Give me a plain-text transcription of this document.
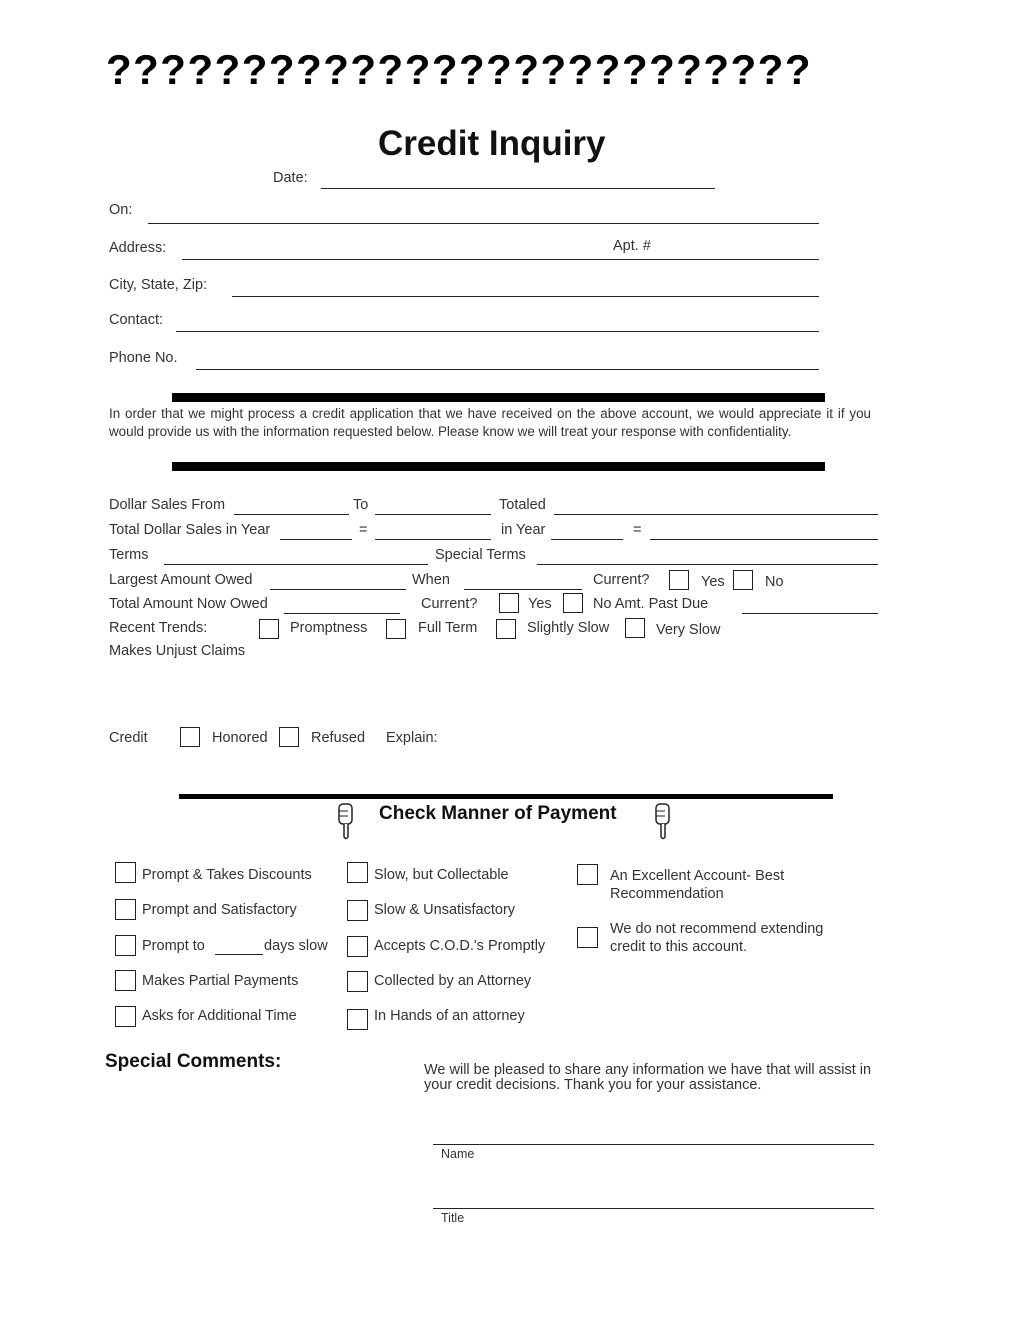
??????????????????????????
Credit Inquiry
Date:
On:
Address:	Apt. #
City, State, Zip:
Contact:
Phone No.
In order that we might process a credit application that we have received on the above account, we would appreciate it if you would provide us with the information requested below. Please know we will treat your response with confidentiality.
Dollar Sales From	To	Totaled
Total Dollar Sales in Year	=	in Year	=
Terms	Special Terms
Largest Amount Owed	When	Current?	Yes	No
Total Amount Now Owed	Current?	Yes	No Amt. Past Due
Recent Trends:	Promptness	Full Term	Slightly Slow	Very Slow
Makes Unjust Claims
Credit	Honored	Refused Explain:
Check Manner of Payment
Prompt & Takes Discounts
Prompt and Satisfactory
Prompt to	days slow
Makes Partial Payments
Asks for Additional Time
Slow, but Collectable
Slow & Unsatisfactory
Accepts C.O.D.'s Promptly
Collected by an Attorney
In Hands of an attorney
An Excellent Account- Best
Recommendation
We do not recommend extending
credit to this account.
Special Comments:	We will be pleased to share any information we have that will assist in
your credit decisions. Thank you for your assistance.
Name
Title
